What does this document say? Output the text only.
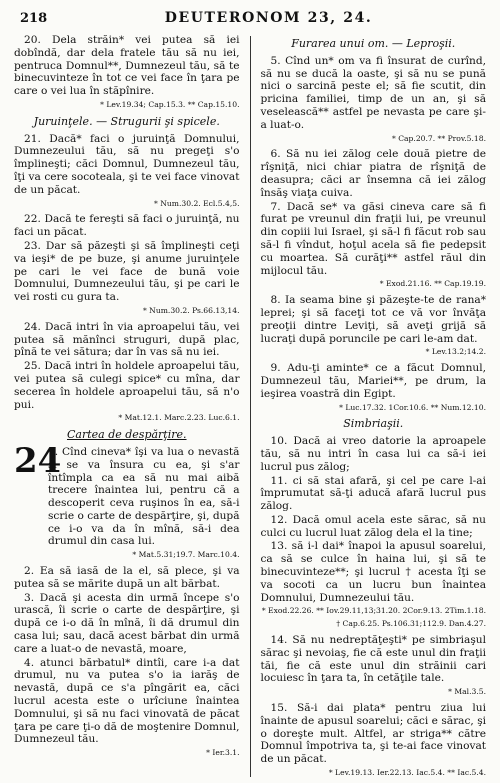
218	DEUTERONOM 23, 24.

20. Dela străin* vei putea să iei dobîndă, dar dela fratele tău să nu iei, pentruca Domnul**, Dumnezeul tău, să te binecuvinteze în tot ce vei face în ţara pe care o vei lua în stăpînire.

* Lev.19.34; Cap.15.3. ** Cap.15.10.

Juruinţele. — Strugurii şi spicele.

21. Dacă* faci o juruinţă Domnului, Dumnezeului tău, să nu pregeţi s'o împlineşti; căci Domnul, Dumnezeul tău, îţi va cere socoteala, şi te vei face vinovat de un păcat.

* Num.30.2. Ecl.5.4,5.

22. Dacă te fereşti să faci o juruinţă, nu faci un păcat.

23. Dar să păzeşti şi să împlineşti ceţi va ieşi* de pe buze, şi anume juruinţele pe cari le vei face de bună voie Domnului, Dumnezeului tău, şi pe cari le vei rosti cu gura ta.

* Num.30.2. Ps.66.13,14.

24. Dacă intri în via aproapelui tău, vei putea să mănînci struguri, după plac, pînă te vei sătura; dar în vas să nu iei.

25. Dacă intri în holdele aproapelui tău, vei putea să culegi spice* cu mîna, dar secerea în holdele aproapelui tău, să n'o pui.

* Mat.12.1. Marc.2.23. Luc.6.1.

Cartea de despărţire.

24

1. Cînd cineva* îşi va lua o nevastă şi se va însura cu ea, şi s'ar întîmpla ca ea să nu mai aibă trecere înaintea lui, pentru că a descoperit ceva ruşinos în ea, să-i scrie o carte de despărţire, şi, după ce i-o va da în mînă, să-i dea drumul din casa lui.

* Mat.5.31;19.7. Marc.10.4.

2. Ea să iasă de la el, să plece, şi va putea să se mărite după un alt bărbat.

3. Dacă şi acesta din urmă începe s'o urască, îi scrie o carte de despărţire, şi după ce i-o dă în mînă, îi dă drumul din casa lui; sau, dacă acest bărbat din urmă care a luat-o de nevastă, moare,

4. atunci bărbatul* dintîi, care i-a dat drumul, nu va putea s'o ia iarăş de nevastă, după ce s'a pîngărit ea, căci lucrul acesta este o urîciune înaintea Domnului, şi să nu faci vinovată de păcat ţara pe care ţi-o dă de moştenire Domnul, Dumnezeul tău.

* Ier.3.1.

Furarea unui om. — Leproşii.

5. Cînd un* om va fi însurat de curînd, să nu se ducă la oaste, şi să nu se pună nici o sarcină peste el; să fie scutit, din pricina familiei, timp de un an, şi să veselească** astfel pe nevasta pe care şi-a luat-o.

* Cap.20.7. ** Prov.5.18.

6. Să nu iei zălog cele două pietre de rîşniţă, nici chiar piatra de rîşniţă de deasupra; căci ar însemna că iei zălog însăş viaţa cuiva.

7. Dacă se* va găsi cineva care să fi furat pe vreunul din fraţii lui, pe vreunul din copiii lui Israel, şi să-l fi făcut rob sau să-l fi vîndut, hoţul acela să fie pedepsit cu moartea. Să curăţi** astfel răul din mijlocul tău.

* Exod.21.16. ** Cap.19.19.

8. Ia seama bine şi păzeşte-te de rana* leprei; şi să faceţi tot ce vă vor învăţa preoţii dintre Leviţi, să aveţi grijă să lucraţi după poruncile pe cari le-am dat.

* Lev.13.2;14.2.

9. Adu-ţi aminte* ce a făcut Domnul, Dumnezeul tău, Mariei**, pe drum, la ieşirea voastră din Egipt.

* Luc.17.32. 1Cor.10.6. ** Num.12.10.

Simbriaşii.

10. Dacă ai vreo datorie la aproapele tău, să nu intri în casa lui ca să-i iei lucrul pus zălog;

11. ci să stai afară, şi cel pe care l-ai împrumutat să-ţi aducă afară lucrul pus zălog.

12. Dacă omul acela este sărac, să nu culci cu lucrul luat zălog dela el la tine;

13. să i-l dai* înapoi la apusul soarelui, ca să se culce în haina lui, şi să te binecuvinteze**; şi lucrul † acesta îţi se va socoti ca un lucru bun înaintea Domnului, Dumnezeului tău.

* Exod.22.26. ** Iov.29.11,13;31.20. 2Cor.9.13. 2Tim.1.18. † Cap.6.25. Ps.106.31;112.9. Dan.4.27.

14. Să nu nedreptăţeşti* pe simbriaşul sărac şi nevoiaş, fie că este unul din fraţii tăi, fie că este unul din străinii cari locuiesc în ţara ta, în cetăţile tale.

* Mal.3.5.

15. Să-i dai plata* pentru ziua lui înainte de apusul soarelui; căci e sărac, şi o doreşte mult. Altfel, ar striga** către Domnul împotriva ta, şi te-ai face vinovat de un păcat.

* Lev.19.13. Ier.22.13. Iac.5.4. ** Iac.5.4.
